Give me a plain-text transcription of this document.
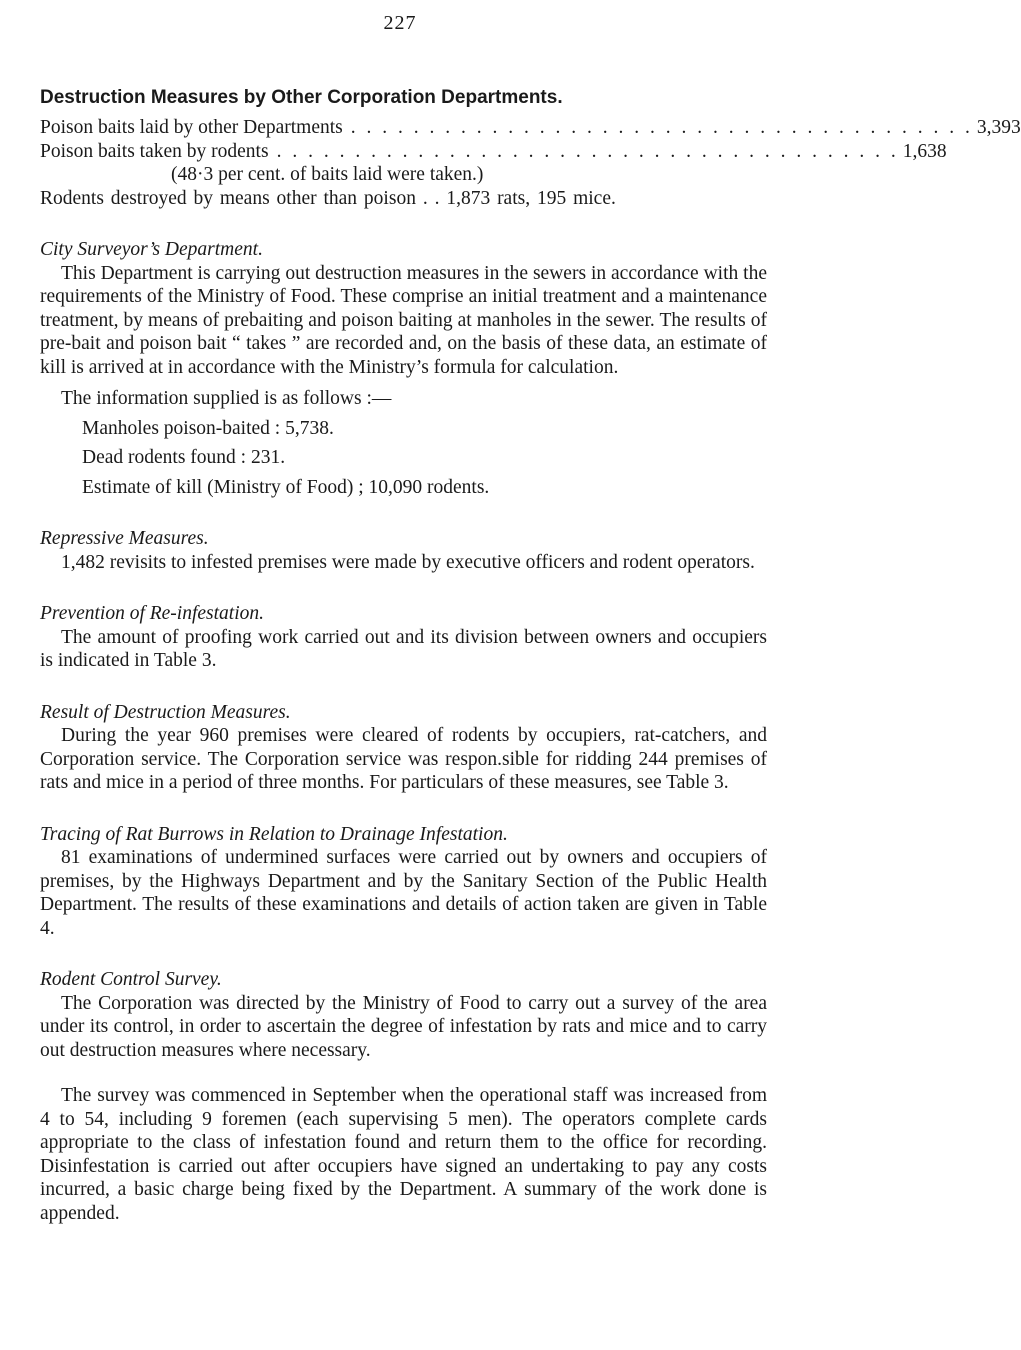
227
Destruction Measures by Other Corporation Departments.
Poison baits laid by other Departments . . . . . . . . . . . . . . . . . . . . . . . . . . . . . . . . . . . . . . . . 3,393
Poison baits taken by rodents . . . . . . . . . . . . . . . . . . . . . . . . . . . . . . . . . . . . . . . . 1,638
(48·3 per cent. of baits laid were taken.)
Rodents destroyed by means other than poison . . 1,873 rats, 195 mice.

City Surveyor’s Department.

This Department is carrying out destruction measures in the sewers in accordance with the requirements of the Ministry of Food. These comprise an initial treatment and a maintenance treatment, by means of prebaiting and poison baiting at manholes in the sewer. The results of pre-bait and poison bait “ takes ” are recorded and, on the basis of these data, an estimate of kill is arrived at in accordance with the Ministry’s formula for calculation.

The information supplied is as follows :—

Manholes poison-baited : 5,738.

Dead rodents found : 231.

Estimate of kill (Ministry of Food) ; 10,090 rodents.

Repressive Measures.

1,482 revisits to infested premises were made by executive officers and rodent operators.

Prevention of Re-infestation.

The amount of proofing work carried out and its division between owners and occupiers is indicated in Table 3.

Result of Destruction Measures.

During the year 960 premises were cleared of rodents by occupiers, rat-catchers, and Corporation service. The Corporation service was respon.sible for ridding 244 premises of rats and mice in a period of three months. For particulars of these measures, see Table 3.

Tracing of Rat Burrows in Relation to Drainage Infestation.

81 examinations of undermined surfaces were carried out by owners and occupiers of premises, by the Highways Department and by the Sanitary Section of the Public Health Department. The results of these examinations and details of action taken are given in Table 4.

Rodent Control Survey.

The Corporation was directed by the Ministry of Food to carry out a survey of the area under its control, in order to ascertain the degree of infestation by rats and mice and to carry out destruction measures where necessary.

The survey was commenced in September when the operational staff was increased from 4 to 54, including 9 foremen (each supervising 5 men). The operators complete cards appropriate to the class of infestation found and return them to the office for recording. Disinfestation is carried out after occupiers have signed an undertaking to pay any costs incurred, a basic charge being fixed by the Department. A summary of the work done is appended.
